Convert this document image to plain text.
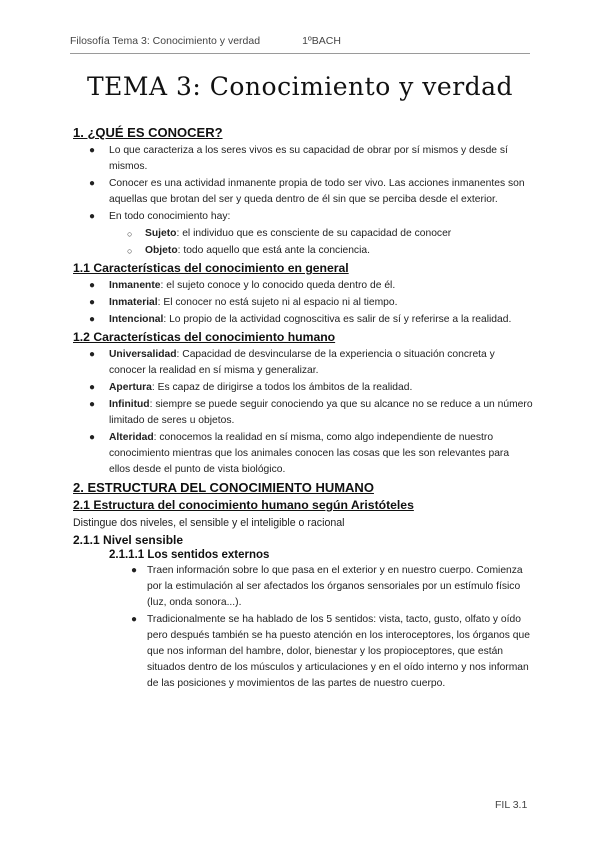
Filosofía Tema 3: Conocimiento y verdad	1ºBACH
TEMA 3: Conocimiento y verdad
1. ¿QUÉ ES CONOCER?
● Lo que caracteriza a los seres vivos es su capacidad de obrar por sí mismos y desde sí mismos.
● Conocer es una actividad inmanente propia de todo ser vivo. Las acciones inmanentes son aquellas que brotan del ser y queda dentro de él sin que se perciba desde el exterior.
● En todo conocimiento hay:
○ Sujeto: el individuo que es consciente de su capacidad de conocer
○ Objeto: todo aquello que está ante la conciencia.
1.1 Características del conocimiento en general
● Inmanente: el sujeto conoce y lo conocido queda dentro de él.
● Inmaterial: El conocer no está sujeto ni al espacio ni al tiempo.
● Intencional: Lo propio de la actividad cognoscitiva es salir de sí y referirse a la realidad.
1.2 Características del conocimiento humano
● Universalidad: Capacidad de desvincularse de la experiencia o situación concreta y conocer la realidad en sí misma y generalizar.
● Apertura: Es capaz de dirigirse a todos los ámbitos de la realidad.
● Infinitud: siempre se puede seguir conociendo ya que su alcance no se reduce a un número limitado de seres u objetos.
● Alteridad: conocemos la realidad en sí misma, como algo independiente de nuestro conocimiento mientras que los animales conocen las cosas que les son relevantes para ellos desde el punto de vista biológico.
2. ESTRUCTURA DEL CONOCIMIENTO HUMANO
2.1 Estructura del conocimiento humano según Aristóteles
Distingue dos niveles, el sensible y el inteligible o racional
2.1.1 Nivel sensible
2.1.1.1 Los sentidos externos
● Traen información sobre lo que pasa en el exterior y en nuestro cuerpo. Comienza por la estimulación al ser afectados los órganos sensoriales por un estímulo físico (luz, onda sonora...).
● Tradicionalmente se ha hablado de los 5 sentidos: vista, tacto, gusto, olfato y oído pero después también se ha puesto atención en los interoceptores, los órganos que que nos informan del hambre, dolor, bienestar y los propioceptores, que están situados dentro de los músculos y articulaciones y en el oído interno y nos informan de las posiciones y movimientos de las partes de nuestro cuerpo.
FIL 3.1
